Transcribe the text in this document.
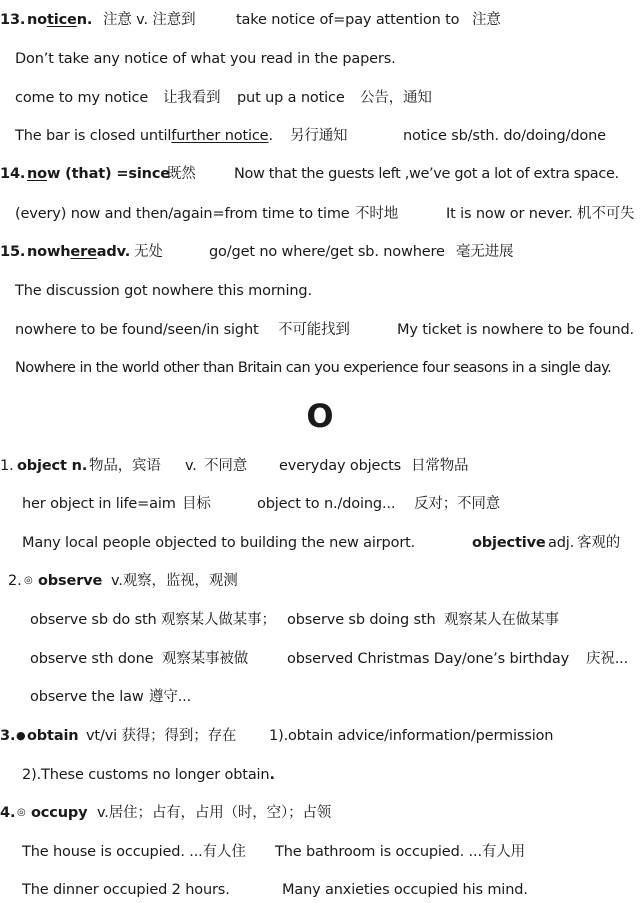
13. noticen. 注意 v. 注意到	take notice of=pay attention to 注意
Don’t take any notice of what you read in the papers.
come to my notice 让我看到 put up a notice 公告，通知
The bar is closed untilfurther notice. 另行通知	notice sb/sth. do/doing/done
14. now (that) =since
既然	Now that the guests left ,we’ve got a lot of extra space.
(every) now and then/again=from time to time 不时地	It is now or never. 机不可失
15. nowhereadv. 无处	go/get no where/get sb. nowhere 毫无进展
The discussion got nowhere this morning.
nowhere to be found/seen/in sight 不可能找到	My ticket is nowhere to be found.
Nowhere in the world other than Britain can you experience four seasons in a single day.
O
1. object n. 物品，宾语 v. 不同意 everyday objects 日常物品
her object in life=aim 目标	object to n./doing... 反对；不同意
Many local people objected to building the new airport.	objective adj. 客观的
2. ◎ observe v.观察，监视，观测
observe sb do sth 观察某人做某事； observe sb doing sth 观察某人在做某事
observe sth done 观察某事被做	observed Christmas Day/one’s birthday 庆祝...
observe the law 遵守...
3. ● obtain vt/vi 获得；得到；存在 1).obtain advice/information/permission
2).These customs no longer obtain.
4. ◎ occupy v.居住；占有，占用（时，空）；占领
The house is occupied. ...有人住 The bathroom is occupied. ...有人用
The dinner occupied 2 hours.	Many anxieties occupied his mind.
